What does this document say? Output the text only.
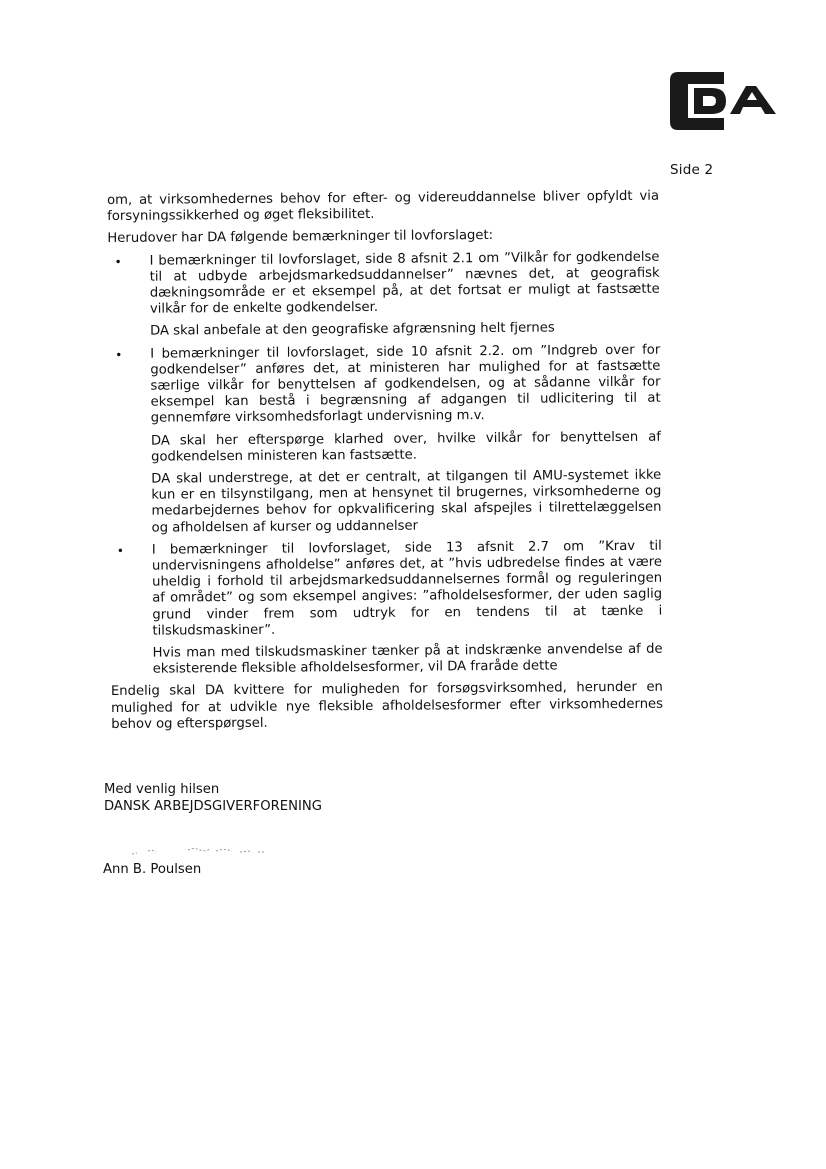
Side 2

om, at virksomhedernes behov for efter- og videreuddannelse bliver opfyldt via forsyningssikkerhed og øget fleksibilitet.

Herudover har DA følgende bemærkninger til lovforslaget:

• I bemærkninger til lovforslaget, side 8 afsnit 2.1 om ”Vilkår for godkendelse til at udbyde arbejdsmarkedsuddannelser” nævnes det, at geografisk dækningsområde er et eksempel på, at det fortsat er muligt at fastsætte vilkår for de enkelte godkendelser.

DA skal anbefale at den geografiske afgrænsning helt fjernes

• I bemærkninger til lovforslaget, side 10 afsnit 2.2. om ”Indgreb over for godkendelser” anføres det, at ministeren har mulighed for at fastsætte særlige vilkår for benyttelsen af godkendelsen, og at sådanne vilkår for eksempel kan bestå i begrænsning af adgangen til udlicitering til at gennemføre virksomhedsforlagt undervisning m.v.

DA skal her efterspørge klarhed over, hvilke vilkår for benyttelsen af godkendelsen ministeren kan fastsætte.

DA skal understrege, at det er centralt, at tilgangen til AMU-systemet ikke kun er en tilsynstilgang, men at hensynet til brugernes, virksomhederne og medarbejdernes behov for opkvalificering skal afspejles i tilrettelæggelsen og afholdelsen af kurser og uddannelser

• I bemærkninger til lovforslaget, side 13 afsnit 2.7 om ”Krav til undervisningens afholdelse” anføres det, at ”hvis udbredelse findes at være uheldig i forhold til arbejdsmarkedsuddannelsernes formål og reguleringen af området” og som eksempel angives: ”afholdelsesformer, der uden saglig grund vinder frem som udtryk for en tendens til at tænke i tilskudsmaskiner”.

Hvis man med tilskudsmaskiner tænker på at indskrænke anvendelse af de eksisterende fleksible afholdelsesformer, vil DA fraråde dette

Endelig skal DA kvittere for muligheden for forsøgsvirksomhed, herunder en mulighed for at udvikle nye fleksible afholdelsesformer efter virksomhedernes behov og efterspørgsel.

Med venlig hilsen

DANSK ARBEJDSGIVERFORENING

Ann B. Poulsen
